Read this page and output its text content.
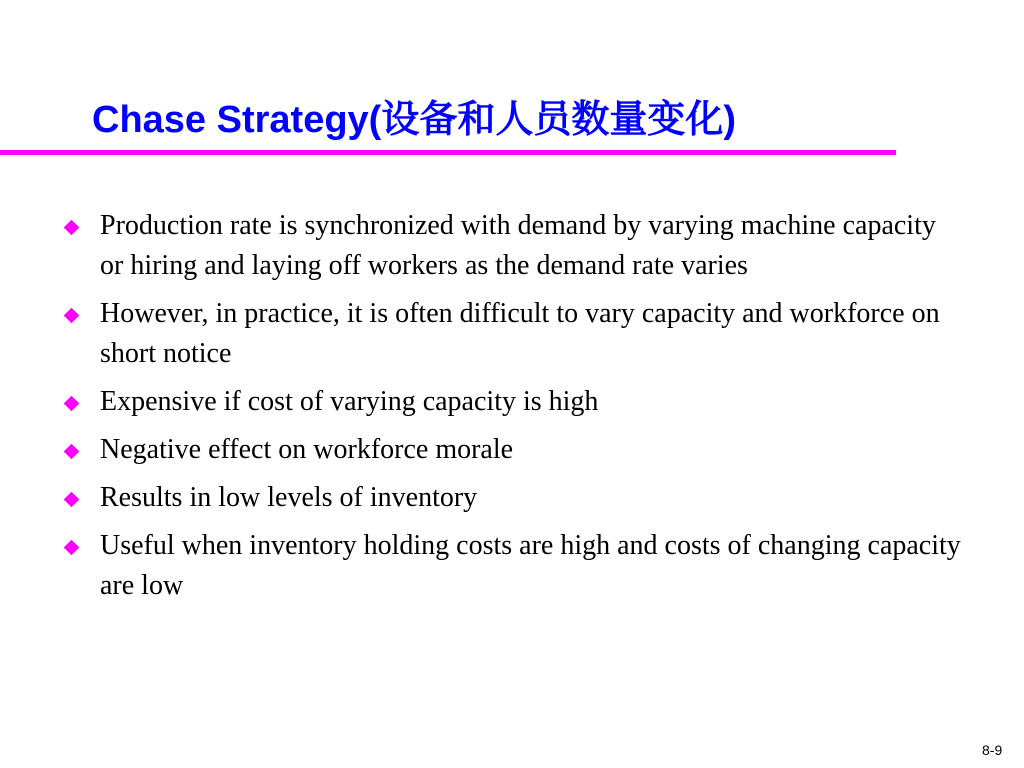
Chase Strategy(设备和人员数量变化)
Production rate is synchronized with demand by varying machine capacity or hiring and laying off workers as the demand rate varies
However, in practice, it is often difficult to vary capacity and workforce on short notice
Expensive if cost of varying capacity is high
Negative effect on workforce morale
Results in low levels of inventory
Useful when inventory holding costs are high and costs of changing capacity are low
8-9
